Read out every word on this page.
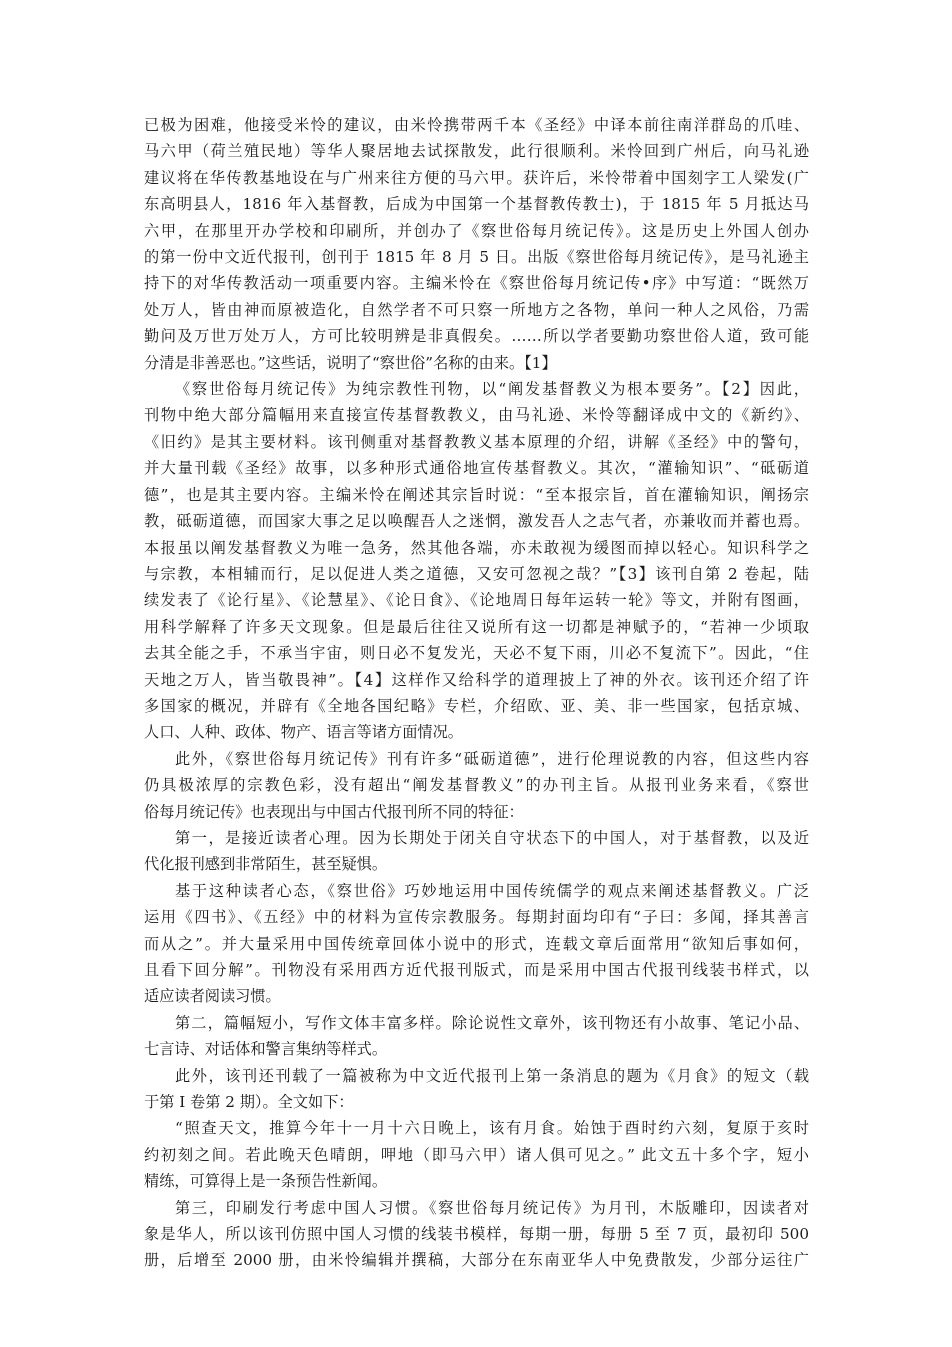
已极为困难，他接受米怜的建议，由米怜携带两千本《圣经》中译本前往南洋群岛的爪哇、
马六甲（荷兰殖民地）等华人聚居地去试探散发，此行很顺利。米怜回到广州后，向马礼逊
建议将在华传教基地设在与广州来往方便的马六甲。获许后，米怜带着中国刻字工人梁发(广
东高明县人，1816 年入基督教，后成为中国第一个基督教传教士)，于 1815 年 5 月抵达马
六甲，在那里开办学校和印刷所，并创办了《察世俗每月统记传》。这是历史上外国人创办
的第一份中文近代报刊，创刊于 1815 年 8 月 5 日。出版《察世俗每月统记传》，是马礼逊主
持下的对华传教活动一项重要内容。主编米怜在《察世俗每月统记传•序》中写道：“既然万
处万人，皆由神而原被造化，自然学者不可只察一所地方之各物，单问一种人之风俗，乃需
勤问及万世万处万人，方可比较明辨是非真假矣。……所以学者要勤功察世俗人道，致可能
分清是非善恶也。”这些话，说明了“察世俗”名称的由来。【1】
《察世俗每月统记传》为纯宗教性刊物，以“阐发基督教义为根本要务”。【2】因此，
刊物中绝大部分篇幅用来直接宣传基督教教义，由马礼逊、米怜等翻译成中文的《新约》、
《旧约》是其主要材料。该刊侧重对基督教教义基本原理的介绍，讲解《圣经》中的警句，
并大量刊载《圣经》故事，以多种形式通俗地宣传基督教义。其次，“灌输知识”、“砥砺道
德”，也是其主要内容。主编米怜在阐述其宗旨时说：“至本报宗旨，首在灌输知识，阐扬宗
教，砥砺道德，而国家大事之足以唤醒吾人之迷惘，激发吾人之志气者，亦兼收而并蓄也焉。
本报虽以阐发基督教义为唯一急务，然其他各端，亦未敢视为缓图而掉以轻心。知识科学之
与宗教，本相辅而行，足以促进人类之道德，又安可忽视之哉？”【3】该刊自第 2 卷起，陆
续发表了《论行星》、《论慧星》、《论日食》、《论地周日每年运转一轮》等文，并附有图画，
用科学解释了许多天文现象。但是最后往往又说所有这一切都是神赋予的，“若神一少顷取
去其全能之手，不承当宇宙，则日必不复发光，天必不复下雨，川必不复流下”。因此，“住
天地之万人，皆当敬畏神”。【4】这样作又给科学的道理披上了神的外衣。该刊还介绍了许
多国家的概况，并辟有《全地各国纪略》专栏，介绍欧、亚、美、非一些国家，包括京城、
人口、人种、政体、物产、语言等诸方面情况。
此外，《察世俗每月统记传》刊有许多“砥砺道德”，进行伦理说教的内容，但这些内容
仍具极浓厚的宗教色彩，没有超出“阐发基督教义”的办刊主旨。从报刊业务来看，《察世
俗每月统记传》也表现出与中国古代报刊所不同的特征：
第一，是接近读者心理。因为长期处于闭关自守状态下的中国人，对于基督教，以及近
代化报刊感到非常陌生，甚至疑惧。
基于这种读者心态，《察世俗》巧妙地运用中国传统儒学的观点来阐述基督教义。广泛
运用《四书》、《五经》中的材料为宣传宗教服务。每期封面均印有“子曰：多闻，择其善言
而从之”。并大量采用中国传统章回体小说中的形式，连载文章后面常用“欲知后事如何，
且看下回分解”。刊物没有采用西方近代报刊版式，而是采用中国古代报刊线装书样式，以
适应读者阅读习惯。
第二，篇幅短小，写作文体丰富多样。除论说性文章外，该刊物还有小故事、笔记小品、
七言诗、对话体和警言集纳等样式。
此外，该刊还刊载了一篇被称为中文近代报刊上第一条消息的题为《月食》的短文（载
于第 I 卷第 2 期）。全文如下：
“照查天文，推算今年十一月十六日晚上，该有月食。始蚀于酉时约六刻，复原于亥时
约初刻之间。若此晚天色晴朗，呷地（即马六甲）诸人俱可见之。” 此文五十多个字，短小
精练，可算得上是一条预告性新闻。
第三，印刷发行考虑中国人习惯。《察世俗每月统记传》为月刊，木版雕印，因读者对
象是华人，所以该刊仿照中国人习惯的线装书模样，每期一册，每册 5 至 7 页，最初印 500
册，后增至 2000 册，由米怜编辑并撰稿，大部分在东南亚华人中免费散发，少部分运往广
